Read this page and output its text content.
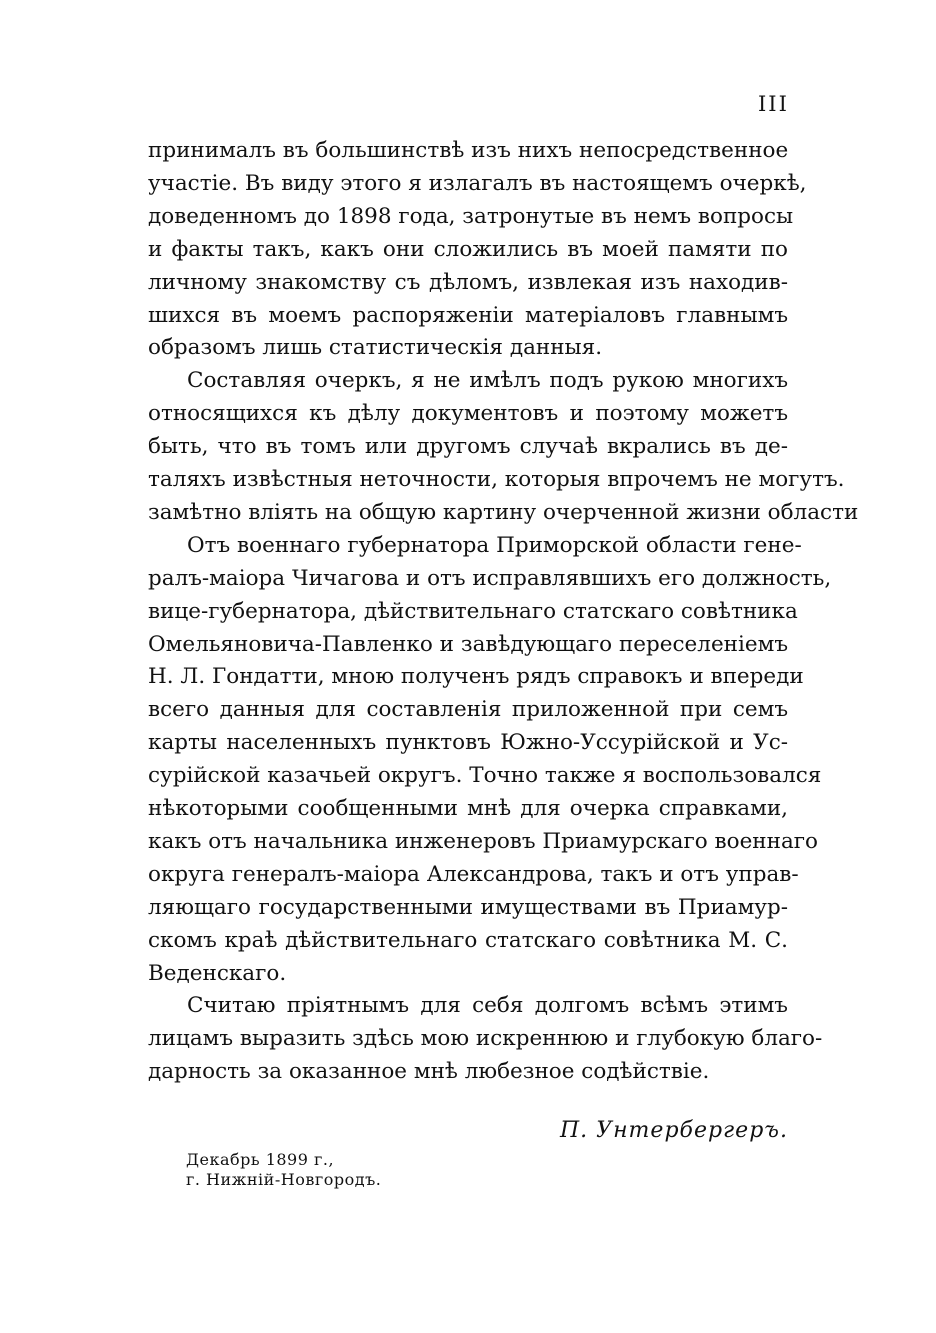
III
принималъ въ большинствѣ изъ нихъ непосредственное
участіе. Въ виду этого я излагалъ въ настоящемъ очеркѣ,
доведенномъ до 1898 года, затронутые въ немъ вопросы
и факты такъ, какъ они сложились въ моей памяти по
личному знакомству съ дѣломъ, извлекая изъ находив-
шихся въ моемъ распоряженіи матеріаловъ главнымъ
образомъ лишь статистическія данныя.
Составляя очеркъ, я не имѣлъ подъ рукою многихъ
относящихся къ дѣлу документовъ и поэтому можетъ
быть, что въ томъ или другомъ случаѣ вкрались въ де-
таляхъ извѣстныя неточности, которыя впрочемъ не могутъ.
замѣтно вліять на общую картину очерченной жизни области
Отъ военнаго губернатора Приморской области гене-
ралъ-маіора Чичагова и отъ исправлявшихъ его должность,
вице-губернатора, дѣйствительнаго статскаго совѣтника
Омельяновича-Павленко и завѣдующаго переселеніемъ
Н. Л. Гондатти, мною полученъ рядъ справокъ и впереди
всего данныя для составленія приложенной при семъ
карты населенныхъ пунктовъ Южно-Уссурійской и Ус-
сурійской казачьей округъ. Точно также я воспользовался
нѣкоторыми сообщенными мнѣ для очерка справками,
какъ отъ начальника инженеровъ Приамурскаго военнаго
округа генералъ-маіора Александрова, такъ и отъ управ-
ляющаго государственными имуществами въ Приамур-
скомъ краѣ дѣйствительнаго статскаго совѣтника М. С.
Веденскаго.
Считаю пріятнымъ для себя долгомъ всѣмъ этимъ
лицамъ выразить здѣсь мою искреннюю и глубокую благо-
дарность за оказанное мнѣ любезное содѣйствіе.
П. Унтербергеръ.
Декабрь 1899 г.,
г. Нижній-Новгородъ.
